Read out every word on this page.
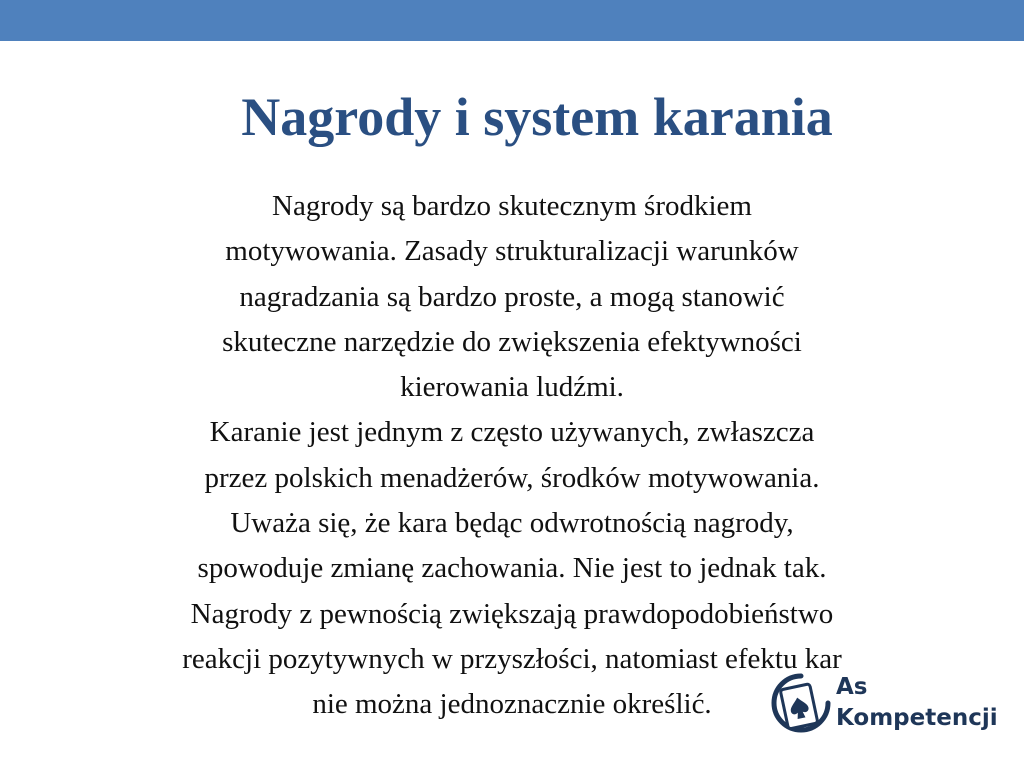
Nagrody i system karania
Nagrody są bardzo skutecznym środkiem
motywowania. Zasady strukturalizacji warunków
nagradzania są bardzo proste, a mogą stanowić
skuteczne narzędzie do zwiększenia efektywności
kierowania ludźmi.
Karanie jest jednym z często używanych, zwłaszcza
przez polskich menadżerów, środków motywowania.
Uważa się, że kara będąc odwrotnością nagrody,
spowoduje zmianę zachowania. Nie jest to jednak tak.
Nagrody z pewnością zwiększają prawdopodobieństwo
reakcji pozytywnych w przyszłości, natomiast efektu kar
nie można jednoznacznie określić.
As
Kompetencji
